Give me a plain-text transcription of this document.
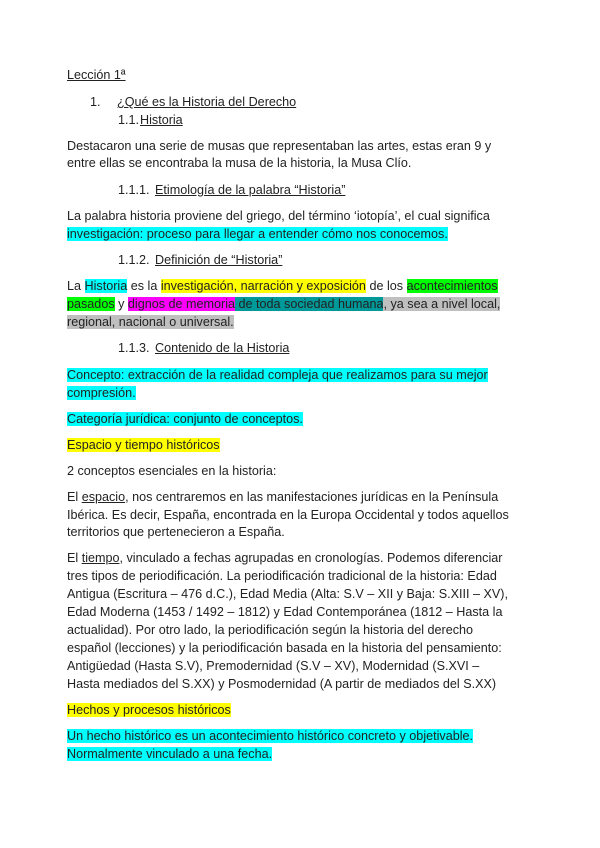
Lección 1ª
1. ¿Qué es la Historia del Derecho
1.1. Historia
Destacaron una serie de musas que representaban las artes, estas eran 9 y
entre ellas se encontraba la musa de la historia, la Musa Clío.
1.1.1. Etimología de la palabra “Historia”
La palabra historia proviene del griego, del término ‘iotopía’, el cual significa
investigación: proceso para llegar a entender cómo nos conocemos.
1.1.2. Definición de “Historia”
La Historia es la investigación, narración y exposición de los acontecimientos
pasados y dignos de memoria de toda sociedad humana, ya sea a nivel local,
regional, nacional o universal.
1.1.3. Contenido de la Historia
Concepto: extracción de la realidad compleja que realizamos para su mejor
compresión.
Categoría jurídica: conjunto de conceptos.
Espacio y tiempo históricos
2 conceptos esenciales en la historia:
El espacio, nos centraremos en las manifestaciones jurídicas en la Península
Ibérica. Es decir, España, encontrada en la Europa Occidental y todos aquellos
territorios que pertenecieron a España.
El tiempo, vinculado a fechas agrupadas en cronologías. Podemos diferenciar
tres tipos de periodificación. La periodificación tradicional de la historia: Edad
Antigua (Escritura – 476 d.C.), Edad Media (Alta: S.V – XII y Baja: S.XIII – XV),
Edad Moderna (1453 / 1492 – 1812) y Edad Contemporánea (1812 – Hasta la
actualidad). Por otro lado, la periodificación según la historia del derecho
español (lecciones) y la periodificación basada en la historia del pensamiento:
Antigüedad (Hasta S.V), Premodernidad (S.V – XV), Modernidad (S.XVI –
Hasta mediados del S.XX) y Posmodernidad (A partir de mediados del S.XX)
Hechos y procesos históricos
Un hecho histórico es un acontecimiento histórico concreto y objetivable.
Normalmente vinculado a una fecha.
